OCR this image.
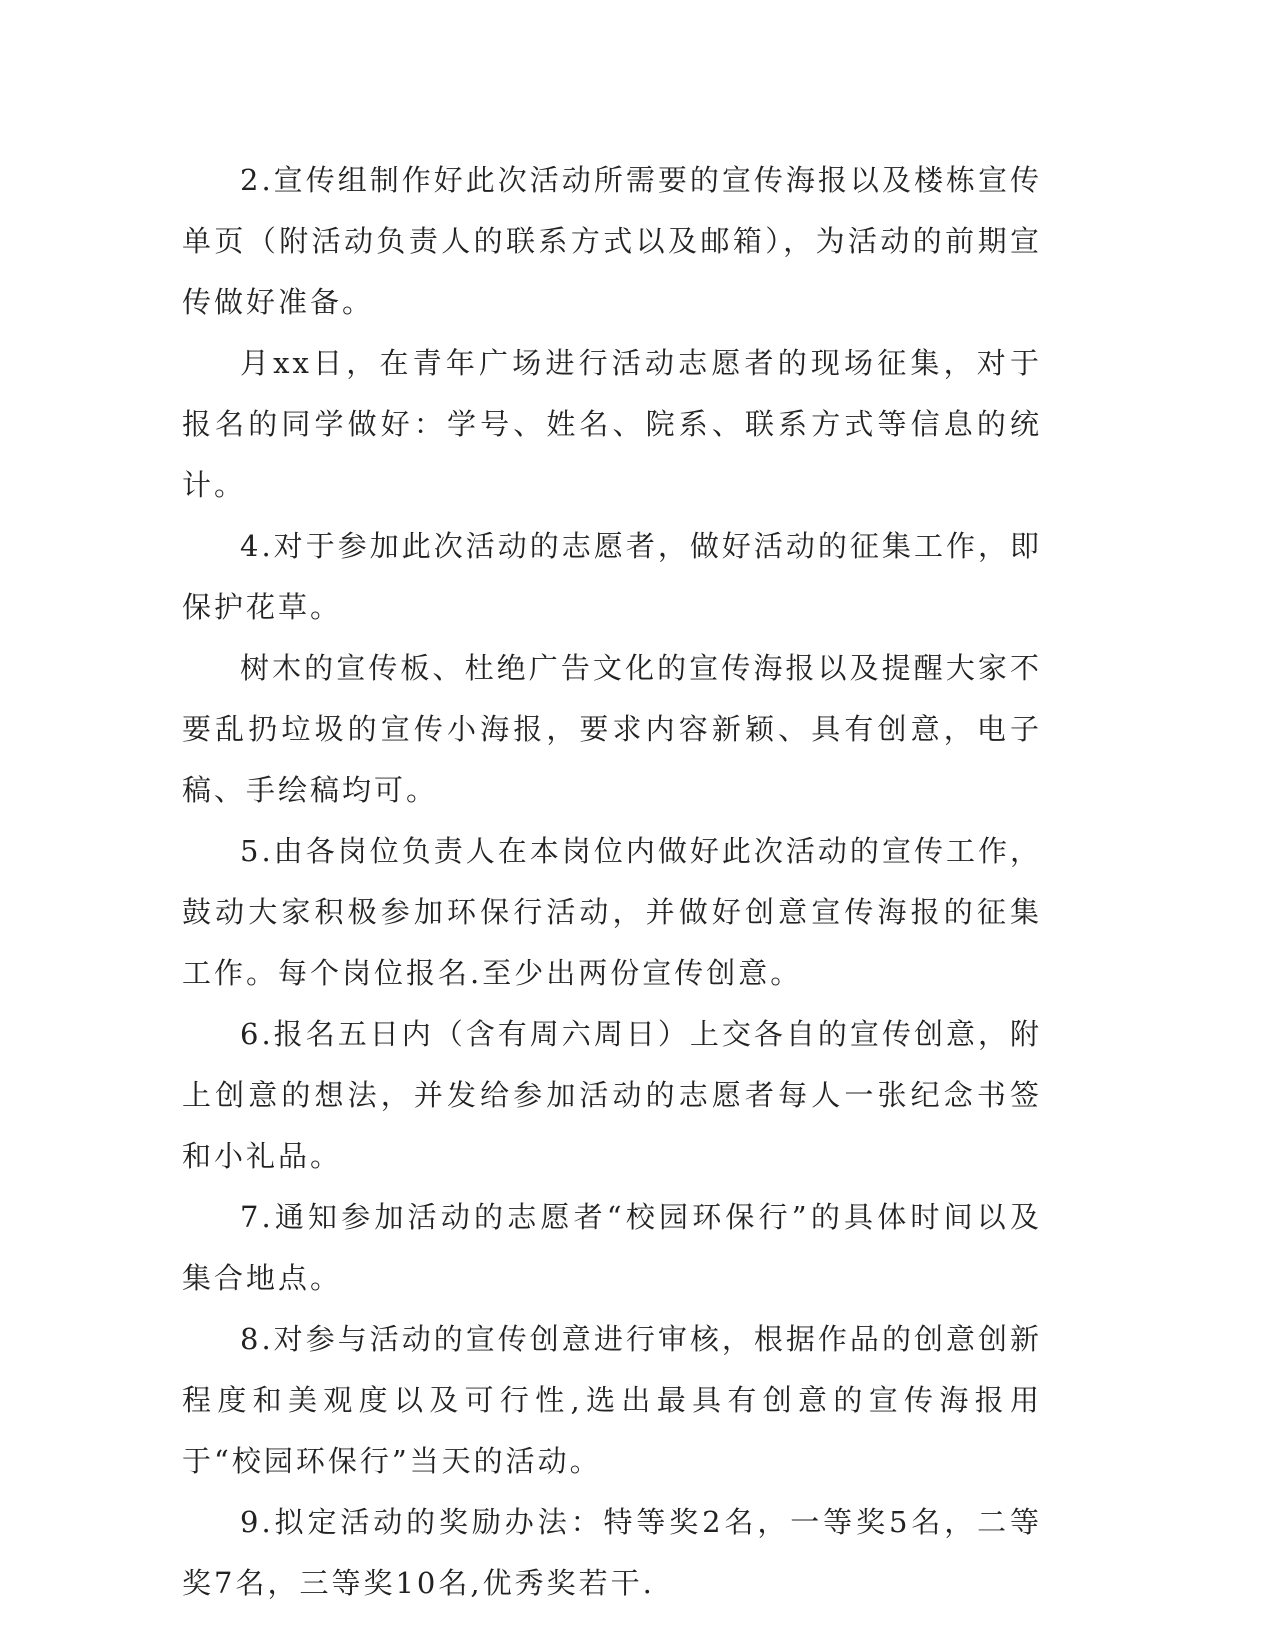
2.宣传组制作好此次活动所需要的宣传海报以及楼栋宣传单页（附活动负责人的联系方式以及邮箱），为活动的前期宣传做好准备。

月xx日，在青年广场进行活动志愿者的现场征集，对于报名的同学做好：学号、姓名、院系、联系方式等信息的统计。

4.对于参加此次活动的志愿者，做好活动的征集工作，即保护花草。

树木的宣传板、杜绝广告文化的宣传海报以及提醒大家不要乱扔垃圾的宣传小海报，要求内容新颖、具有创意，电子稿、手绘稿均可。

5.由各岗位负责人在本岗位内做好此次活动的宣传工作，鼓动大家积极参加环保行活动，并做好创意宣传海报的征集工作。每个岗位报名.至少出两份宣传创意。

6.报名五日内（含有周六周日）上交各自的宣传创意，附上创意的想法，并发给参加活动的志愿者每人一张纪念书签和小礼品。

7.通知参加活动的志愿者“校园环保行”的具体时间以及集合地点。

8.对参与活动的宣传创意进行审核，根据作品的创意创新程度和美观度以及可行性,选出最具有创意的宣传海报用于“校园环保行”当天的活动。

9.拟定活动的奖励办法：特等奖2名，一等奖5名，二等奖7名，三等奖10名,优秀奖若干.
